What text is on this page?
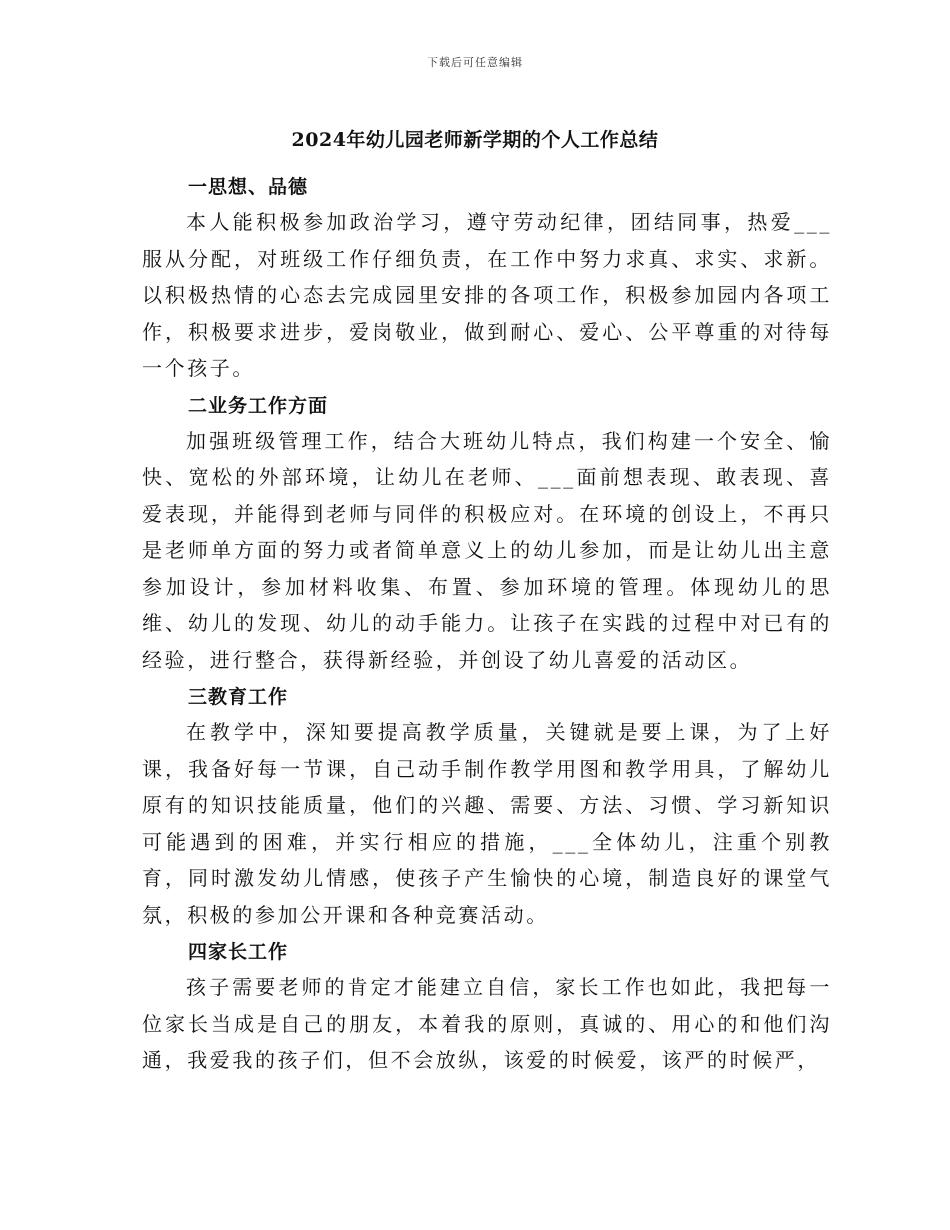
下载后可任意编辑
2024年幼儿园老师新学期的个人工作总结

一思想、品德

本人能积极参加政治学习，遵守劳动纪律，团结同事，热爱___服从分配，对班级工作仔细负责，在工作中努力求真、求实、求新。以积极热情的心态去完成园里安排的各项工作，积极参加园内各项工作，积极要求进步，爱岗敬业，做到耐心、爱心、公平尊重的对待每一个孩子。

二业务工作方面

加强班级管理工作，结合大班幼儿特点，我们构建一个安全、愉快、宽松的外部环境，让幼儿在老师、___面前想表现、敢表现、喜爱表现，并能得到老师与同伴的积极应对。在环境的创设上，不再只是老师单方面的努力或者简单意义上的幼儿参加，而是让幼儿出主意参加设计，参加材料收集、布置、参加环境的管理。体现幼儿的思维、幼儿的发现、幼儿的动手能力。让孩子在实践的过程中对已有的经验，进行整合，获得新经验，并创设了幼儿喜爱的活动区。

三教育工作

在教学中，深知要提高教学质量，关键就是要上课，为了上好课，我备好每一节课，自己动手制作教学用图和教学用具，了解幼儿原有的知识技能质量，他们的兴趣、需要、方法、习惯、学习新知识可能遇到的困难，并实行相应的措施，___全体幼儿，注重个别教育，同时激发幼儿情感，使孩子产生愉快的心境，制造良好的课堂气氛，积极的参加公开课和各种竞赛活动。

四家长工作

孩子需要老师的肯定才能建立自信，家长工作也如此，我把每一位家长当成是自己的朋友，本着我的原则，真诚的、用心的和他们沟通，我爱我的孩子们，但不会放纵，该爱的时候爱，该严的时候严，
